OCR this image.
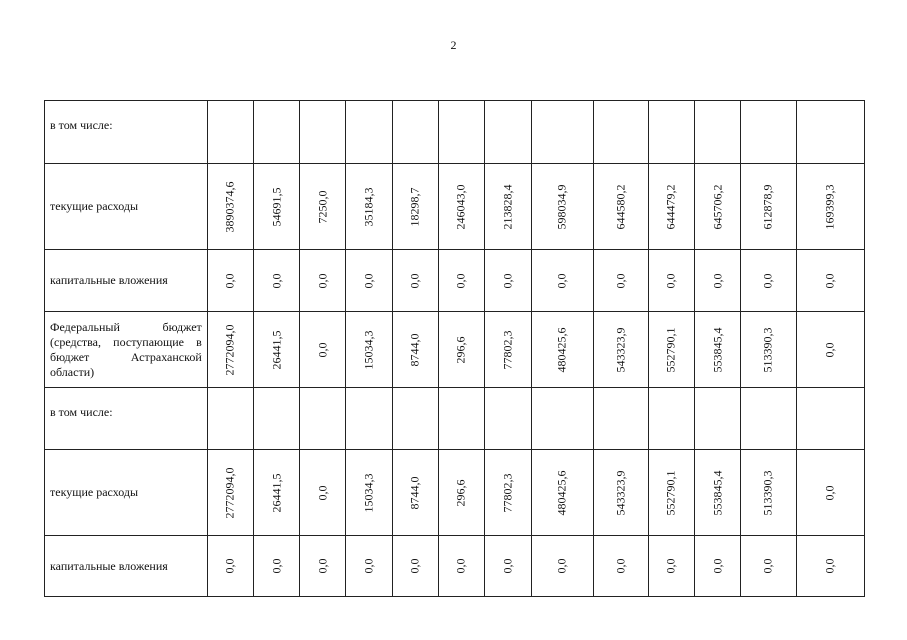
2
в том числе:													
текущие расходы	3890374,6	54691,5	7250,0	35184,3	18298,7	246043,0	213828,4	598034,9	644580,2	644479,2	645706,2	612878,9	169399,3

капитальные вложения	0,0	0,0	0,0	0,0	0,0	0,0	0,0	0,0	0,0	0,0	0,0	0,0	0,0

Федеральный бюджет (средства, поступающие в бюджет Астраханской области)	2772094,0	26441,5	0,0	15034,3	8744,0	296,6	77802,3	480425,6	543323,9	552790,1	553845,4	513390,3	0,0

в том числе:													
текущие расходы	2772094,0	26441,5	0,0	15034,3	8744,0	296,6	77802,3	480425,6	543323,9	552790,1	553845,4	513390,3	0,0

капитальные вложения	0,0	0,0	0,0	0,0	0,0	0,0	0,0	0,0	0,0	0,0	0,0	0,0	0,0
